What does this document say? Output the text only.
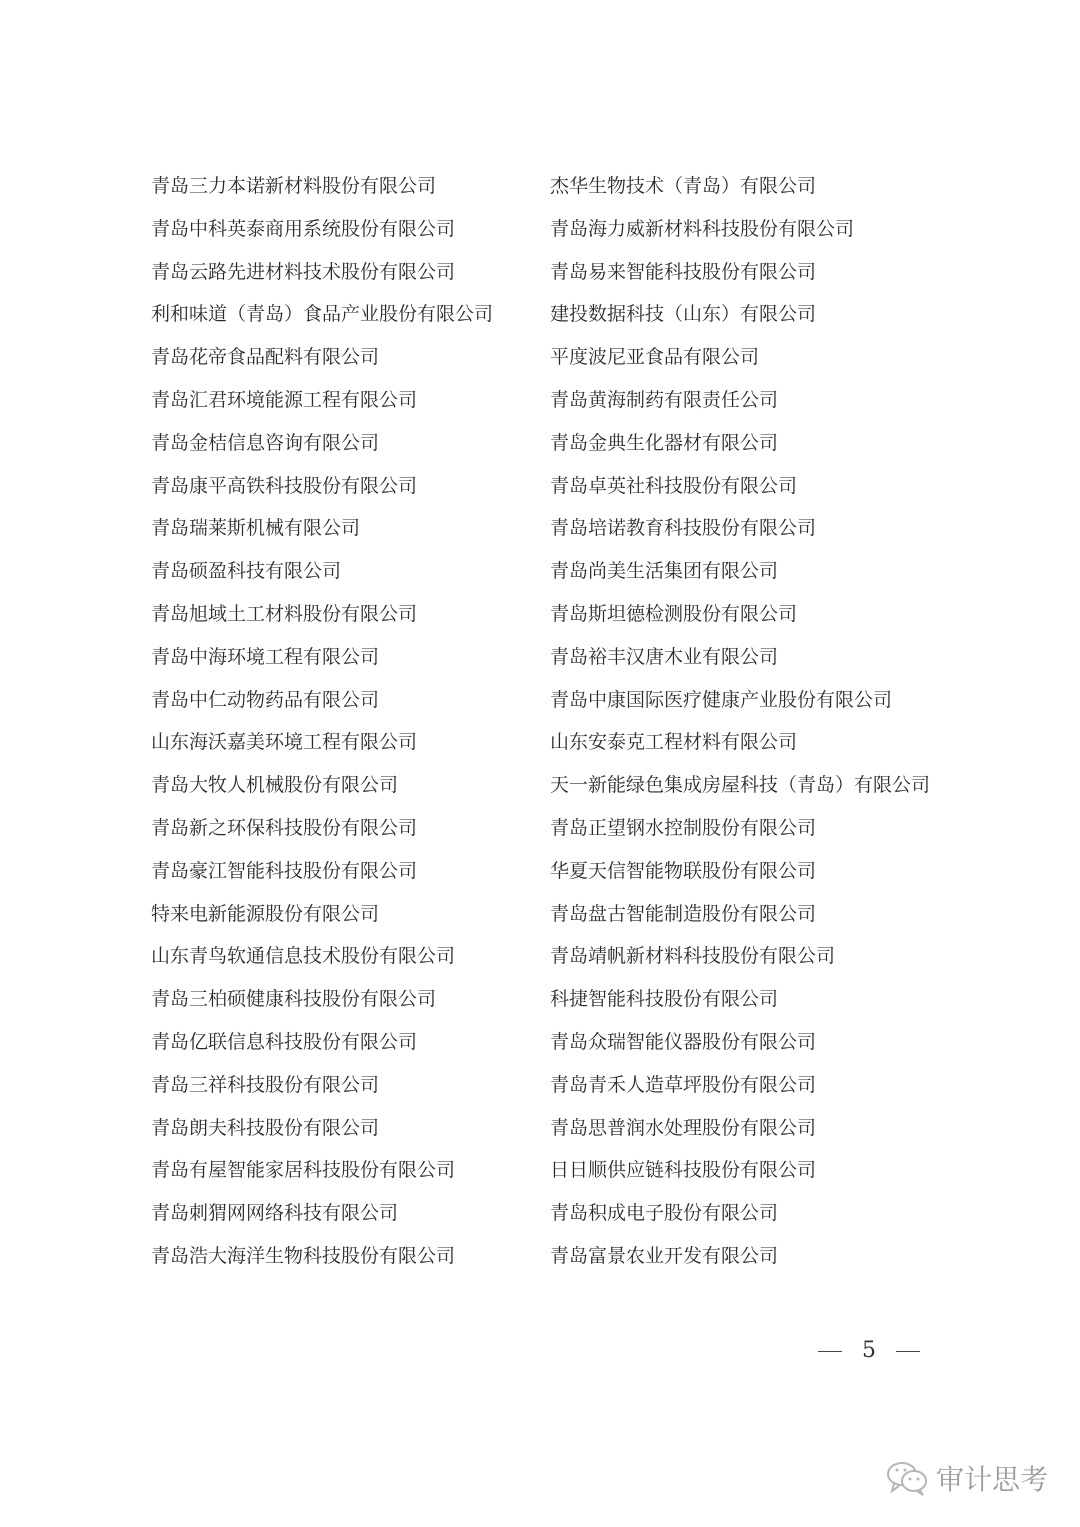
青岛三力本诺新材料股份有限公司	杰华生物技术（青岛）有限公司
青岛中科英泰商用系统股份有限公司	青岛海力威新材料科技股份有限公司
青岛云路先进材料技术股份有限公司	青岛易来智能科技股份有限公司
利和味道（青岛）食品产业股份有限公司	建投数据科技（山东）有限公司
青岛花帝食品配料有限公司	平度波尼亚食品有限公司
青岛汇君环境能源工程有限公司	青岛黄海制药有限责任公司
青岛金桔信息咨询有限公司	青岛金典生化器材有限公司
青岛康平高铁科技股份有限公司	青岛卓英社科技股份有限公司
青岛瑞莱斯机械有限公司	青岛培诺教育科技股份有限公司
青岛硕盈科技有限公司	青岛尚美生活集团有限公司
青岛旭域土工材料股份有限公司	青岛斯坦德检测股份有限公司
青岛中海环境工程有限公司	青岛裕丰汉唐木业有限公司
青岛中仁动物药品有限公司	青岛中康国际医疗健康产业股份有限公司
山东海沃嘉美环境工程有限公司	山东安泰克工程材料有限公司
青岛大牧人机械股份有限公司	天一新能绿色集成房屋科技（青岛）有限公司
青岛新之环保科技股份有限公司	青岛正望钢水控制股份有限公司
青岛豪江智能科技股份有限公司	华夏天信智能物联股份有限公司
特来电新能源股份有限公司	青岛盘古智能制造股份有限公司
山东青鸟软通信息技术股份有限公司	青岛靖帆新材料科技股份有限公司
青岛三柏硕健康科技股份有限公司	科捷智能科技股份有限公司
青岛亿联信息科技股份有限公司	青岛众瑞智能仪器股份有限公司
青岛三祥科技股份有限公司	青岛青禾人造草坪股份有限公司
青岛朗夫科技股份有限公司	青岛思普润水处理股份有限公司
青岛有屋智能家居科技股份有限公司	日日顺供应链科技股份有限公司
青岛刺猬网网络科技有限公司	青岛积成电子股份有限公司
青岛浩大海洋生物科技股份有限公司	青岛富景农业开发有限公司
5
审计思考
